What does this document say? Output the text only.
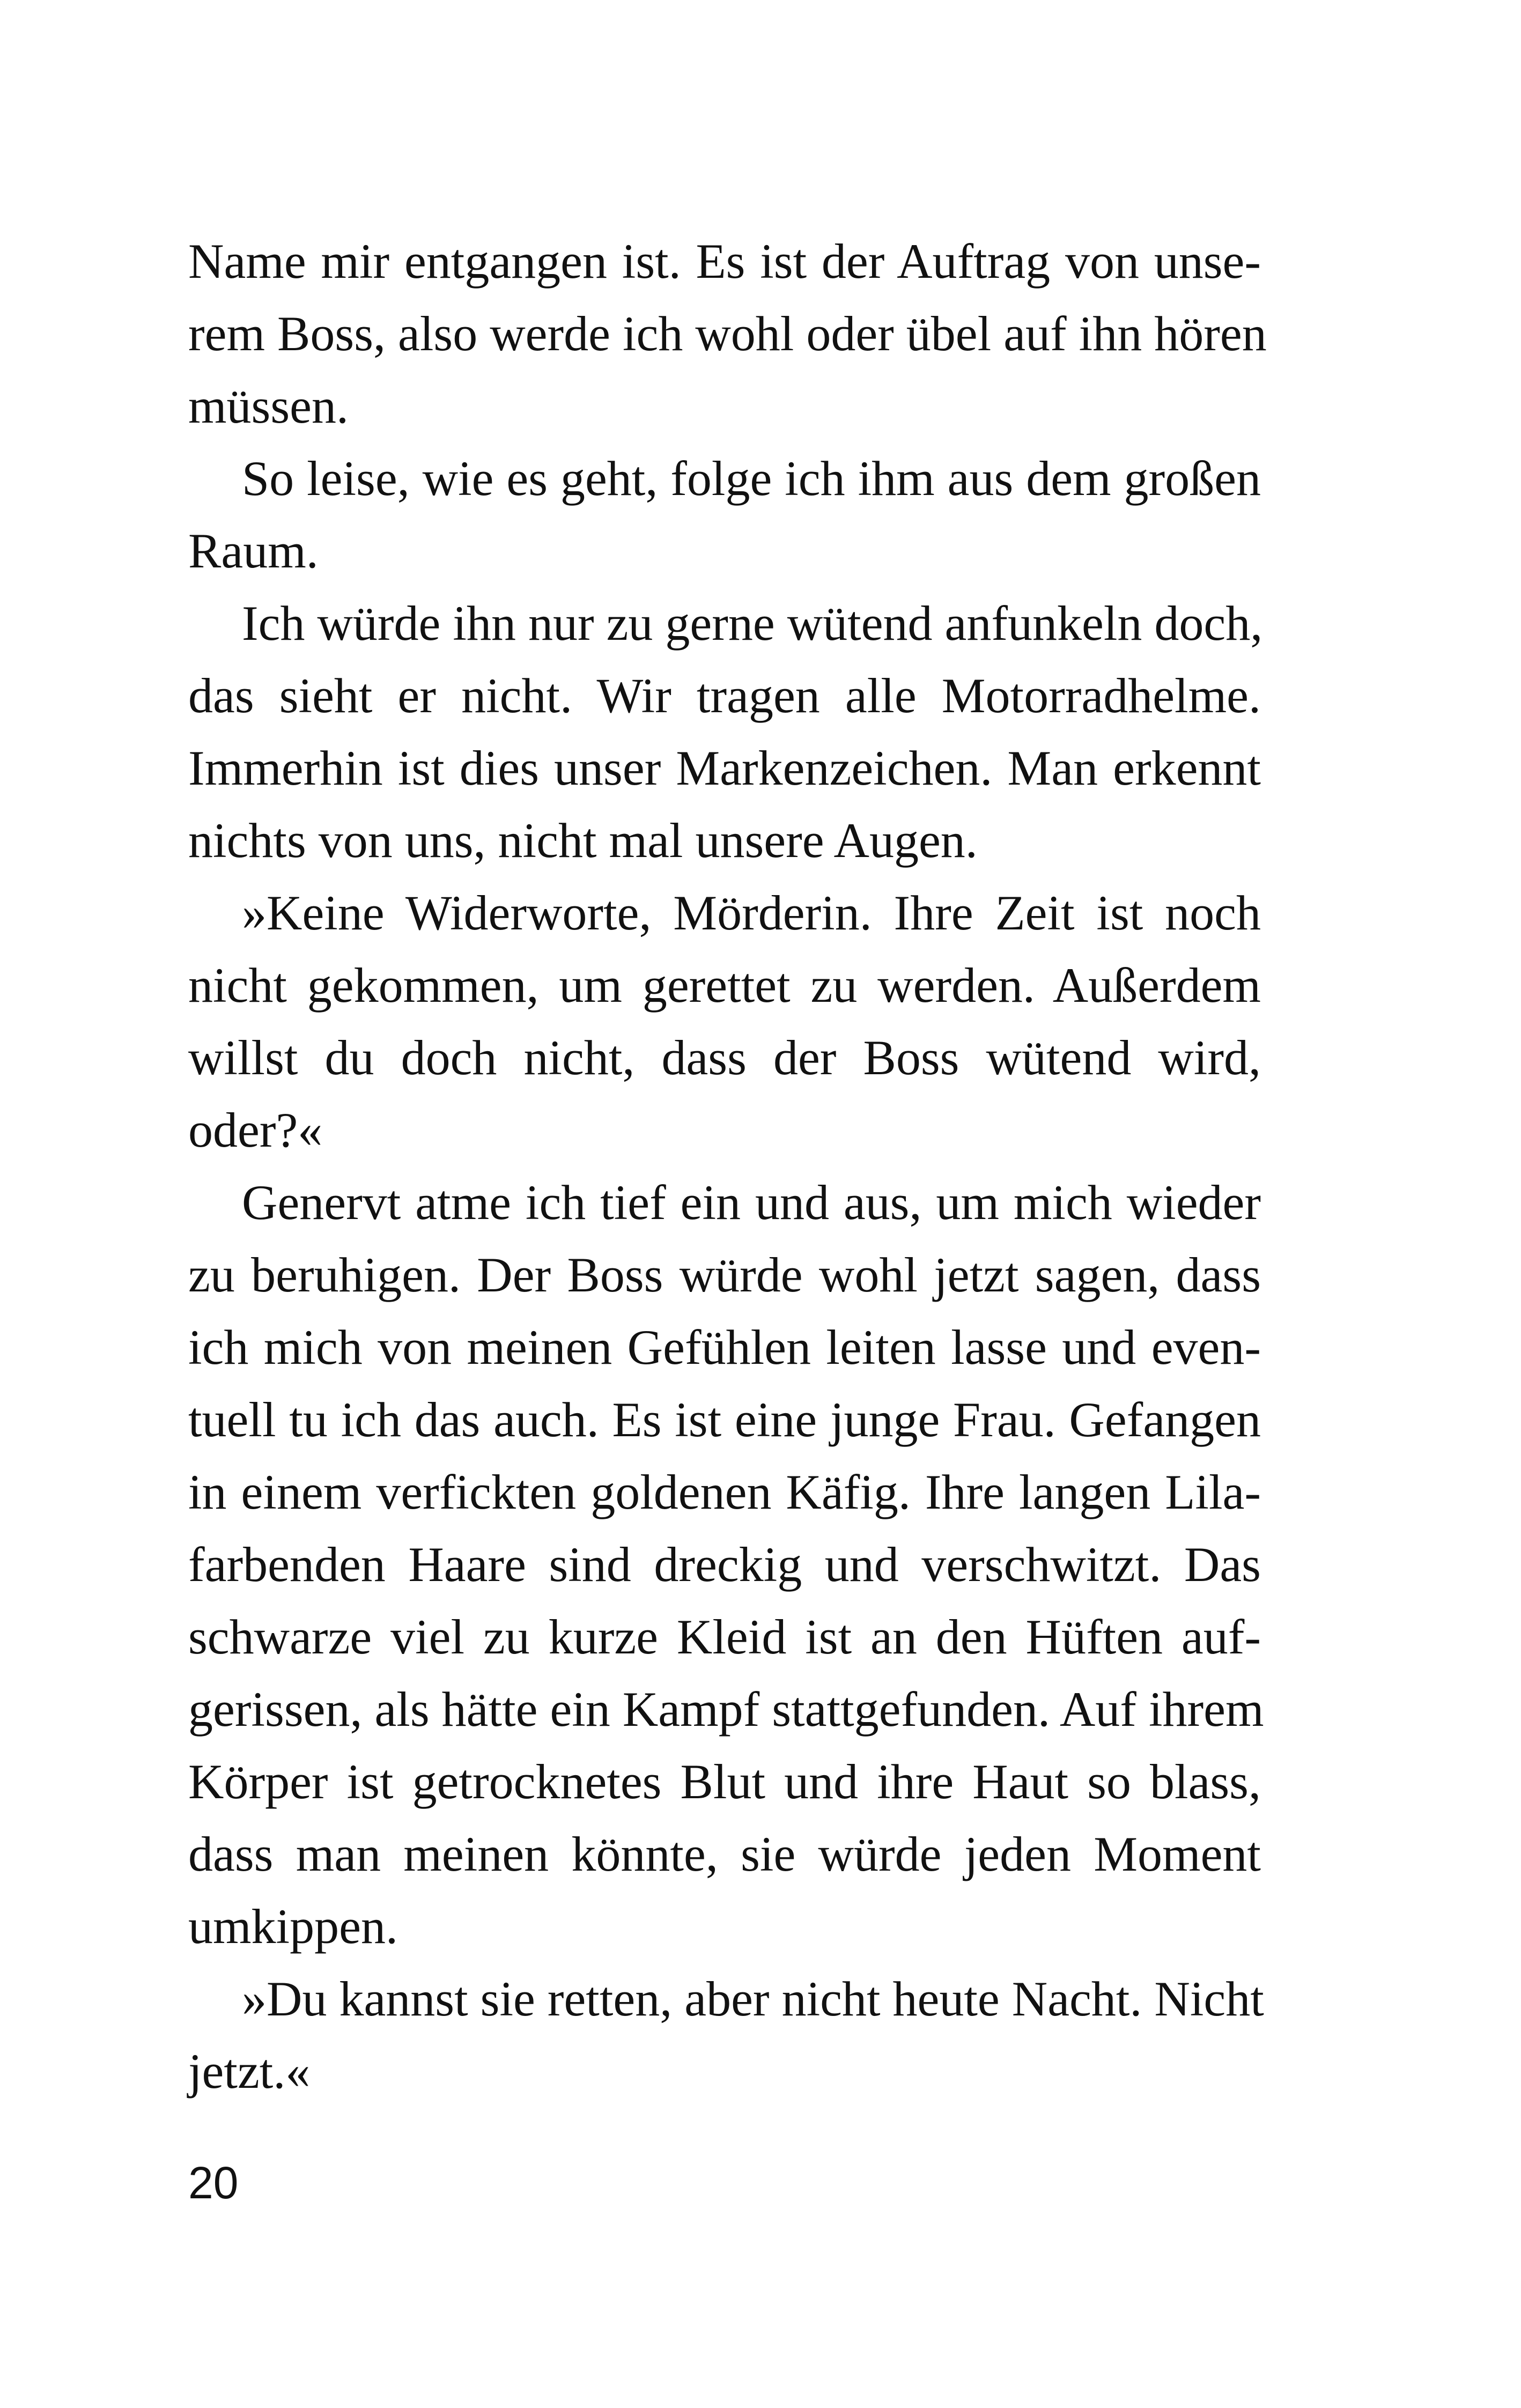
Name mir entgangen ist. Es ist der Auftrag von unse-
rem Boss, also werde ich wohl oder übel auf ihn hören
müssen.

So leise, wie es geht, folge ich ihm aus dem großen
Raum.

Ich würde ihn nur zu gerne wütend anfunkeln doch,
das sieht er nicht. Wir tragen alle Motorradhelme.
Immerhin ist dies unser Markenzeichen. Man erkennt
nichts von uns, nicht mal unsere Augen.

»Keine Widerworte, Mörderin. Ihre Zeit ist noch
nicht gekommen, um gerettet zu werden. Außerdem
willst du doch nicht, dass der Boss wütend wird,
oder?«

Genervt atme ich tief ein und aus, um mich wieder
zu beruhigen. Der Boss würde wohl jetzt sagen, dass
ich mich von meinen Gefühlen leiten lasse und even-
tuell tu ich das auch. Es ist eine junge Frau. Gefangen
in einem verfickten goldenen Käfig. Ihre langen Lila-
farbenden Haare sind dreckig und verschwitzt. Das
schwarze viel zu kurze Kleid ist an den Hüften auf-
gerissen, als hätte ein Kampf stattgefunden. Auf ihrem
Körper ist getrocknetes Blut und ihre Haut so blass,
dass man meinen könnte, sie würde jeden Moment
umkippen.

»Du kannst sie retten, aber nicht heute Nacht. Nicht
jetzt.«

20
